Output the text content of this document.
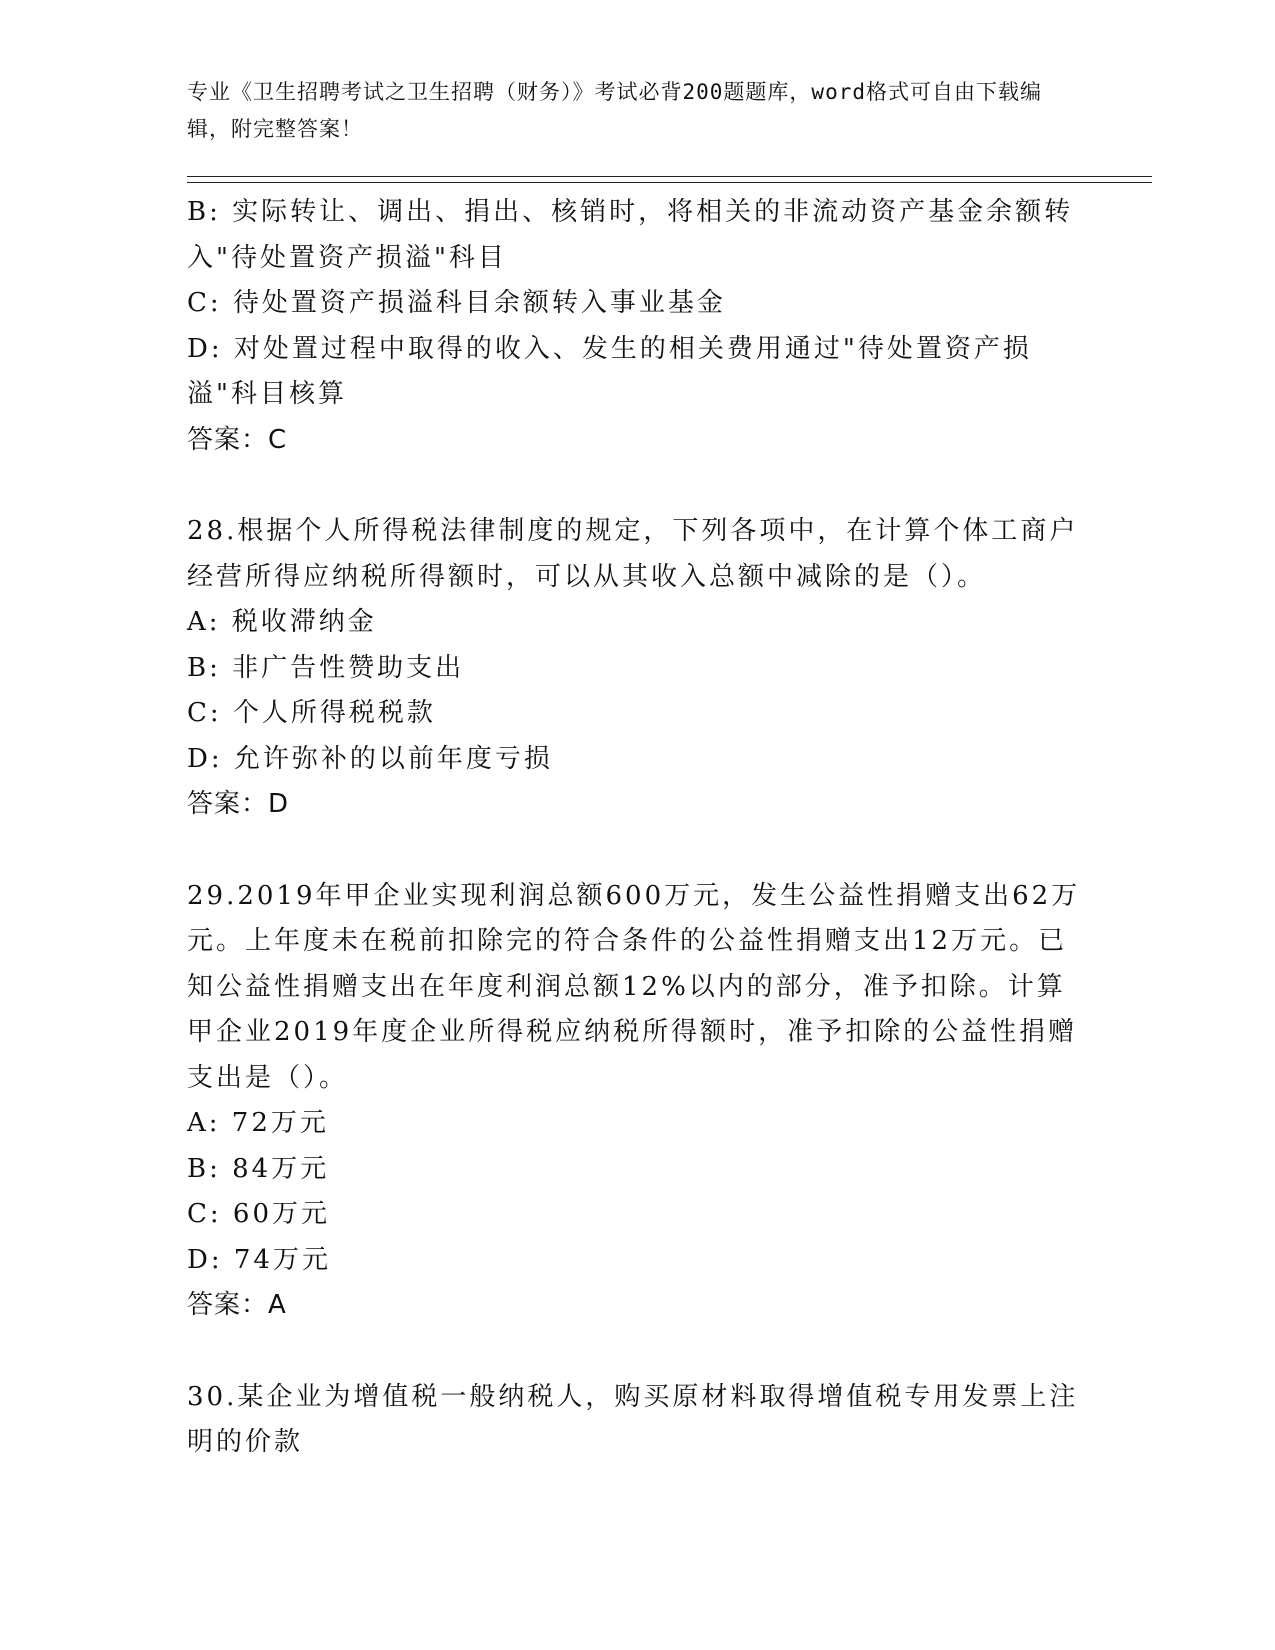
专业《卫生招聘考试之卫生招聘（财务）》考试必背200题题库，word格式可自由下载编辑，附完整答案！

B: 实际转让、调出、捐出、核销时，将相关的非流动资产基金余额转入"待处置资产损溢"科目

C: 待处置资产损溢科目余额转入事业基金

D: 对处置过程中取得的收入、发生的相关费用通过"待处置资产损溢"科目核算

答案：C

28.根据个人所得税法律制度的规定，下列各项中，在计算个体工商户经营所得应纳税所得额时，可以从其收入总额中减除的是（）。

A: 税收滞纳金

B: 非广告性赞助支出

C: 个人所得税税款

D: 允许弥补的以前年度亏损

答案：D

29.2019年甲企业实现利润总额600万元，发生公益性捐赠支出62万元。上年度未在税前扣除完的符合条件的公益性捐赠支出12万元。已知公益性捐赠支出在年度利润总额12%以内的部分，准予扣除。计算甲企业2019年度企业所得税应纳税所得额时，准予扣除的公益性捐赠支出是（）。

A: 72万元

B: 84万元

C: 60万元

D: 74万元

答案：A

30.某企业为增值税一般纳税人，购买原材料取得增值税专用发票上注明的价款
